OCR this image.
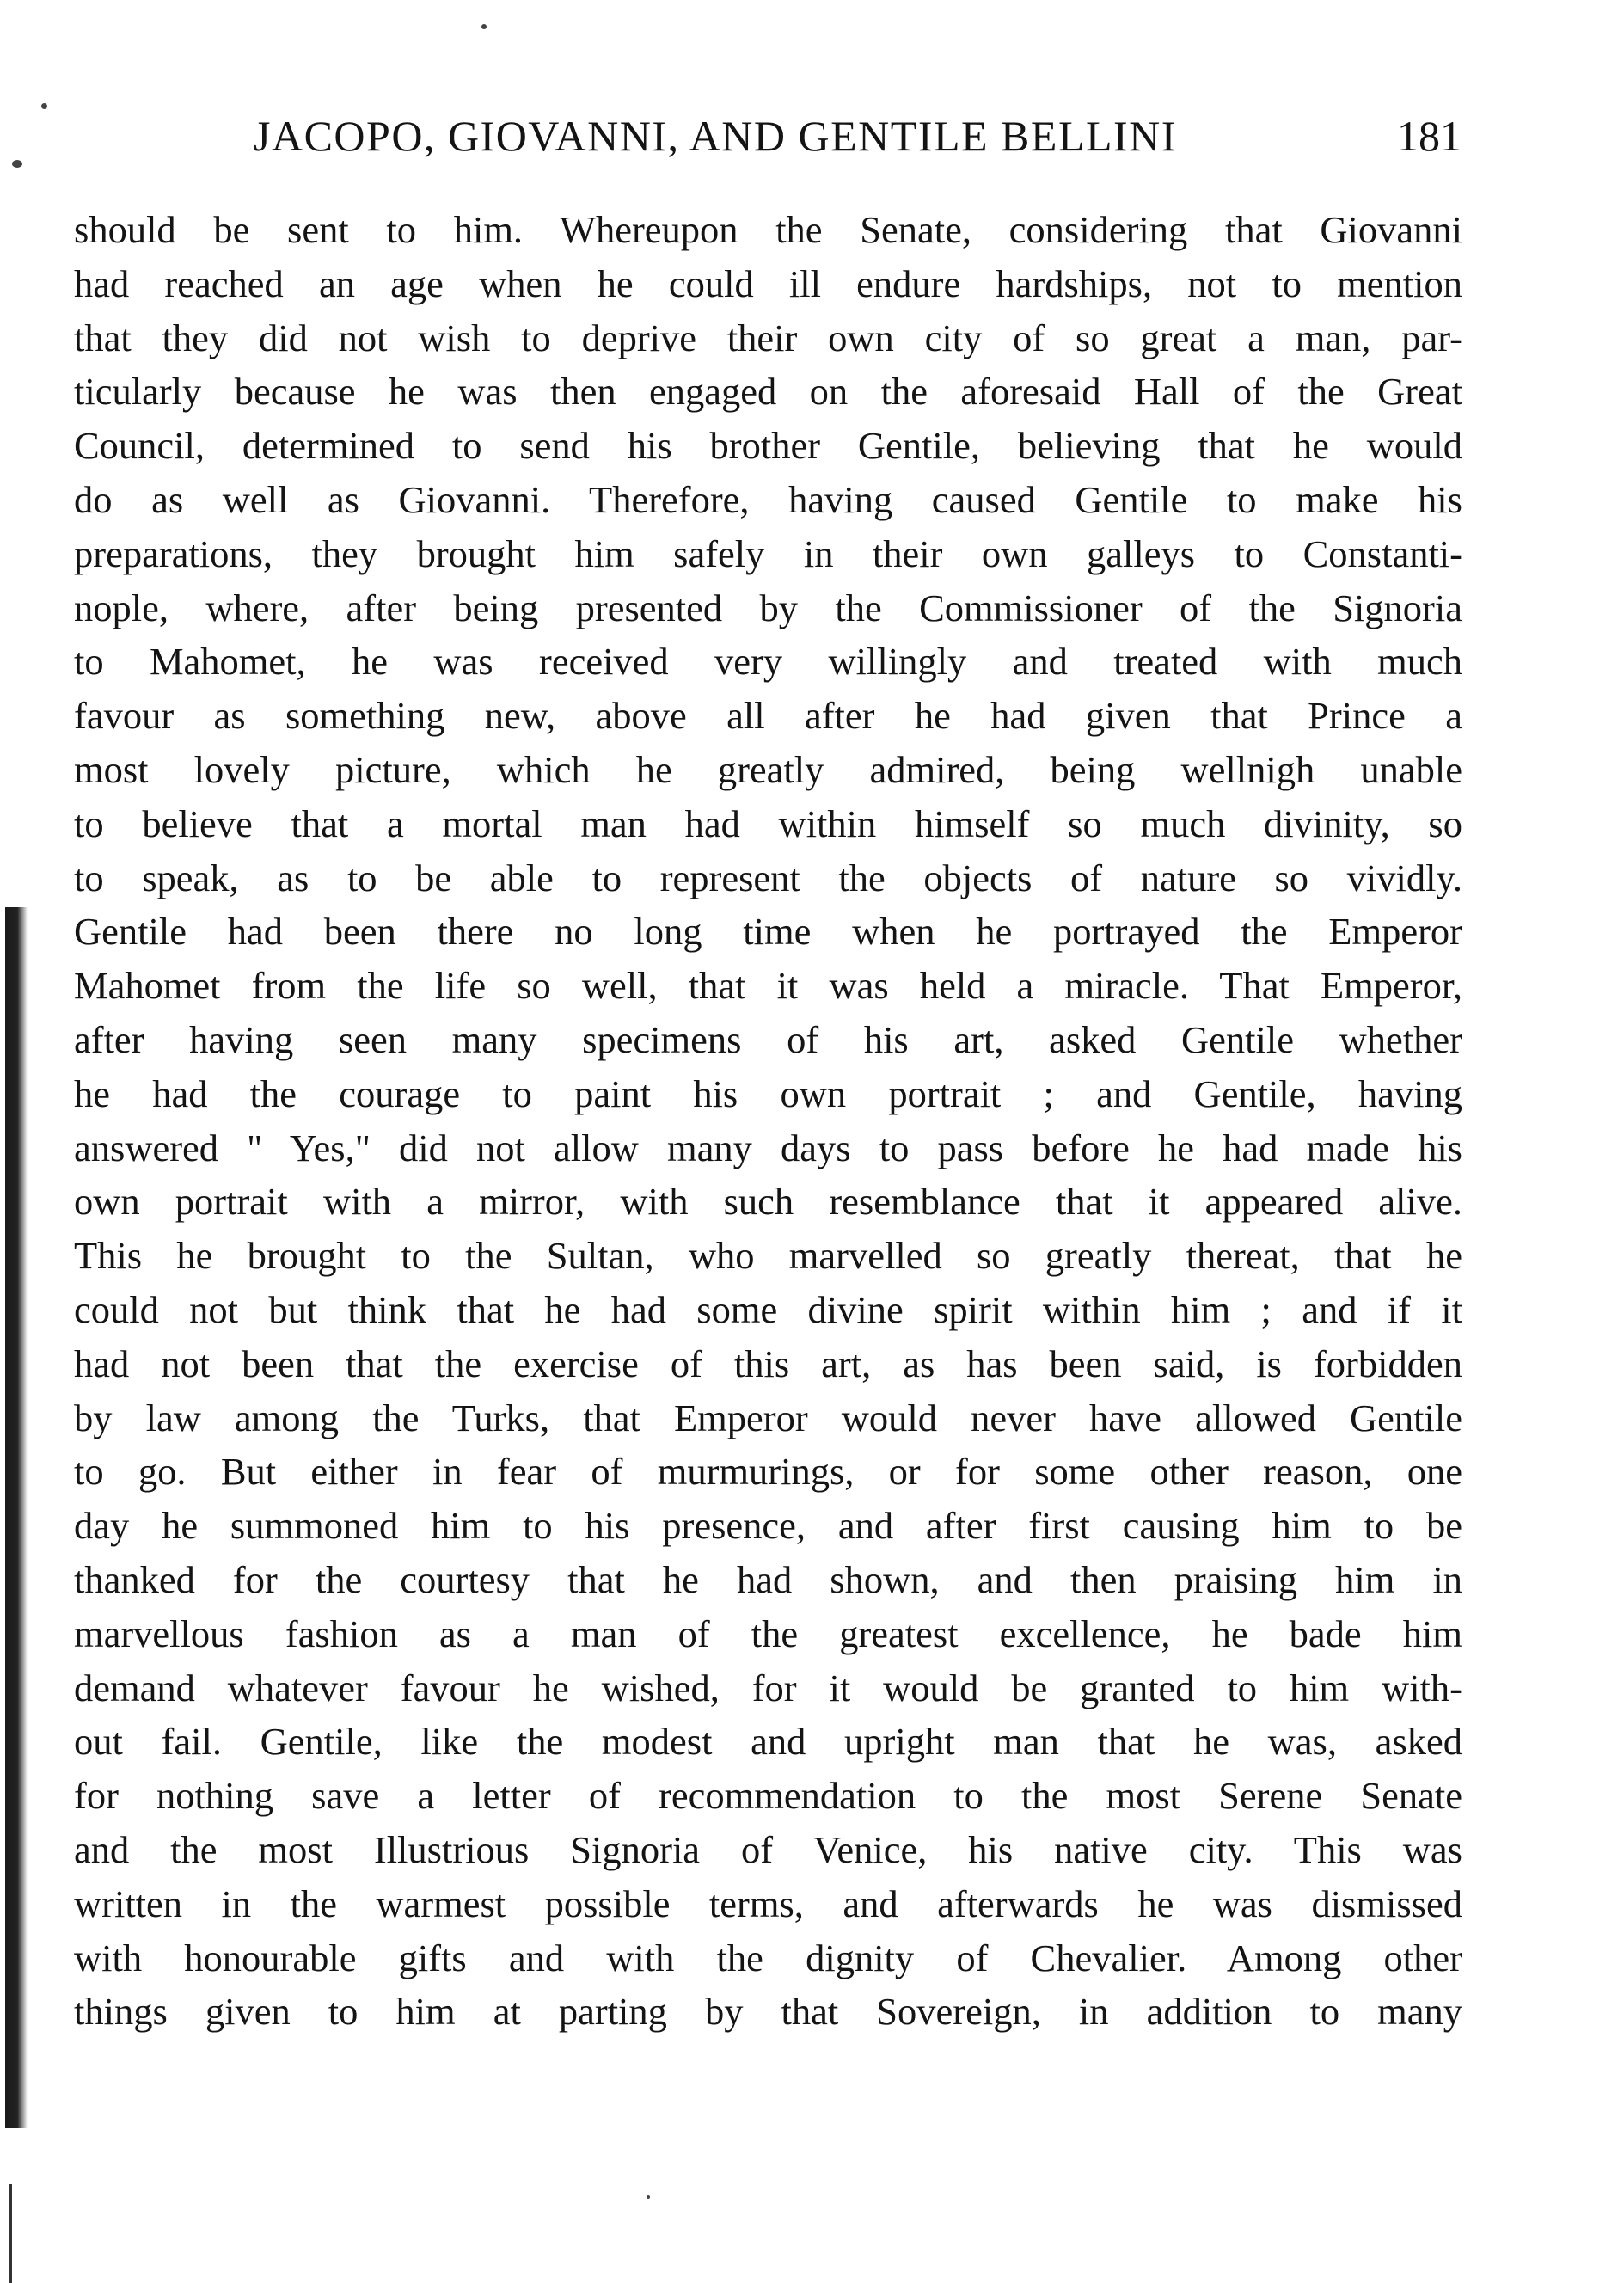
JACOPO, GIOVANNI, AND GENTILE BELLINI	181
should be sent to him. Whereupon the Senate, considering that Giovanni
had reached an age when he could ill endure hardships, not to mention
that they did not wish to deprive their own city of so great a man, par-
ticularly because he was then engaged on the aforesaid Hall of the Great
Council, determined to send his brother Gentile, believing that he would
do as well as Giovanni. Therefore, having caused Gentile to make his
preparations, they brought him safely in their own galleys to Constanti-
nople, where, after being presented by the Commissioner of the Signoria
to Mahomet, he was received very willingly and treated with much
favour as something new, above all after he had given that Prince a
most lovely picture, which he greatly admired, being wellnigh unable
to believe that a mortal man had within himself so much divinity, so
to speak, as to be able to represent the objects of nature so vividly.
Gentile had been there no long time when he portrayed the Emperor
Mahomet from the life so well, that it was held a miracle. That Emperor,
after having seen many specimens of his art, asked Gentile whether
he had the courage to paint his own portrait ; and Gentile, having
answered " Yes," did not allow many days to pass before he had made his
own portrait with a mirror, with such resemblance that it appeared alive.
This he brought to the Sultan, who marvelled so greatly thereat, that he
could not but think that he had some divine spirit within him ; and if it
had not been that the exercise of this art, as has been said, is forbidden
by law among the Turks, that Emperor would never have allowed Gentile
to go. But either in fear of murmurings, or for some other reason, one
day he summoned him to his presence, and after first causing him to be
thanked for the courtesy that he had shown, and then praising him in
marvellous fashion as a man of the greatest excellence, he bade him
demand whatever favour he wished, for it would be granted to him with-
out fail. Gentile, like the modest and upright man that he was, asked
for nothing save a letter of recommendation to the most Serene Senate
and the most Illustrious Signoria of Venice, his native city. This was
written in the warmest possible terms, and afterwards he was dismissed
with honourable gifts and with the dignity of Chevalier. Among other
things given to him at parting by that Sovereign, in addition to many
